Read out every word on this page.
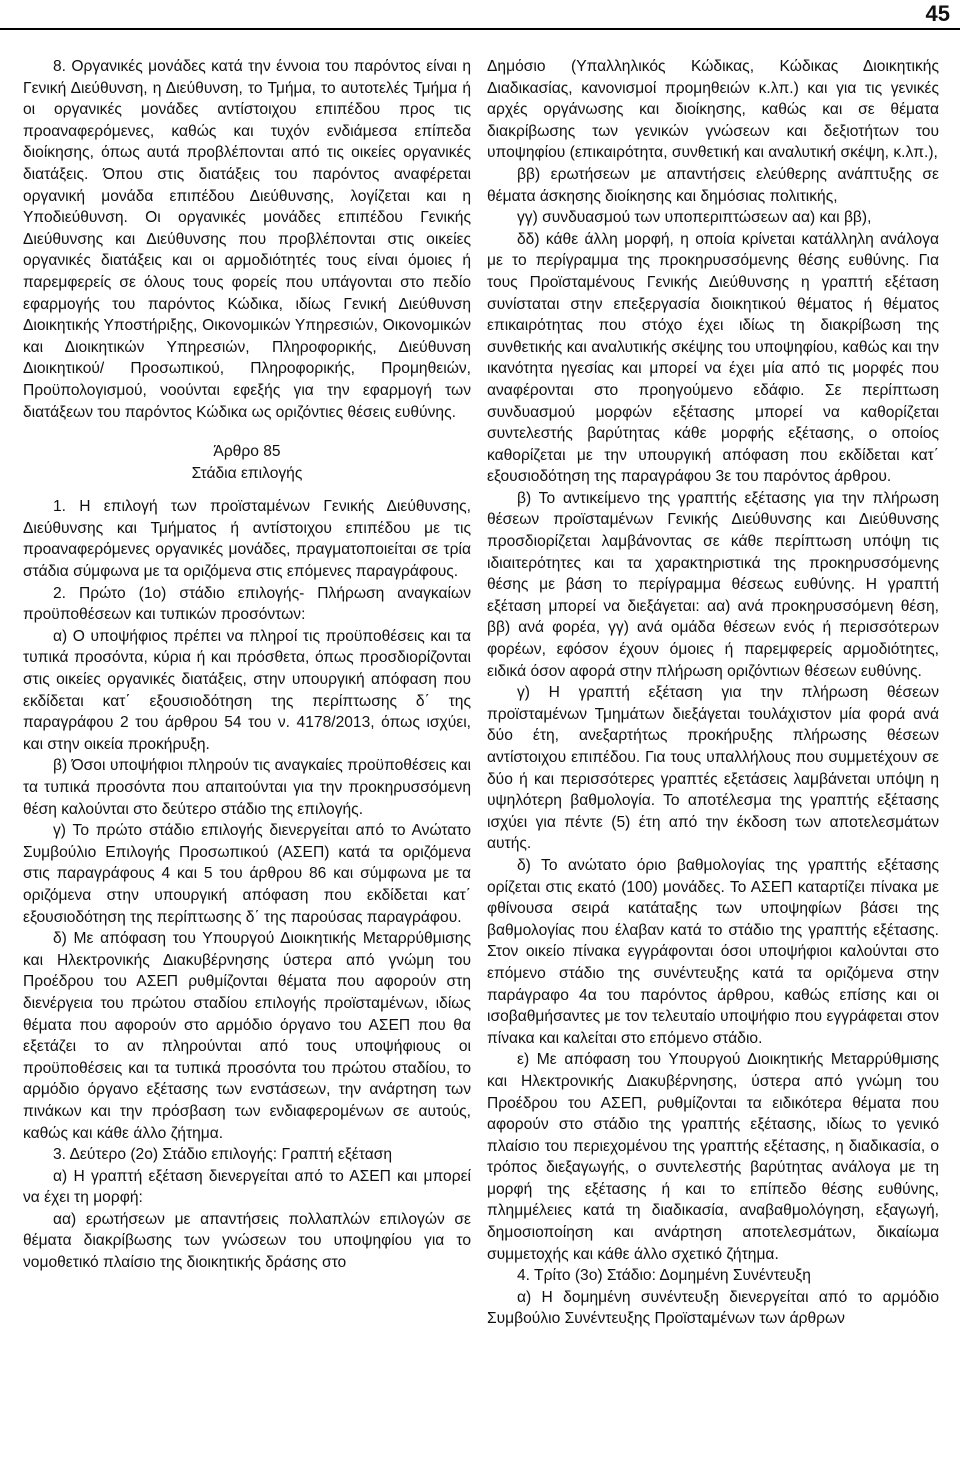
45

8. Οργανικές μονάδες κατά την έννοια του παρόντος είναι η Γενική Διεύθυνση, η Διεύθυνση, το Τμήμα, το αυτοτελές Τμήμα ή οι οργανικές μονάδες αντίστοιχου επιπέδου προς τις προαναφερόμενες, καθώς και τυχόν ενδιάμεσα επίπεδα διοίκησης, όπως αυτά προβλέπονται από τις οικείες οργανικές διατάξεις. Όπου στις διατάξεις του παρόντος αναφέρεται οργανική μονάδα επιπέδου Διεύθυνσης, λογίζεται και η Υποδιεύθυνση. Οι οργανικές μονάδες επιπέδου Γενικής Διεύθυνσης και Διεύθυνσης που προβλέπονται στις οικείες οργανικές διατάξεις και οι αρμοδιότητές τους είναι όμοιες ή παρεμφερείς σε όλους τους φορείς που υπάγονται στο πεδίο εφαρμογής του παρόντος Κώδικα, ιδίως Γενική Διεύθυνση Διοικητικής Υποστήριξης, Οικονομικών Υπηρεσιών, Οικονομικών και Διοικητικών Υπηρεσιών, Πληροφορικής, Διεύθυνση Διοικητικού/ Προσωπικού, Πληροφορικής, Προμηθειών, Προϋπολογισμού, νοούνται εφεξής για την εφαρμογή των διατάξεων του παρόντος Κώδικα ως οριζόντιες θέσεις ευθύνης.

Άρθρο 85
Στάδια επιλογής

1. Η επιλογή των προϊσταμένων Γενικής Διεύθυνσης, Διεύθυνσης και Τμήματος ή αντίστοιχου επιπέδου με τις προαναφερόμενες οργανικές μονάδες, πραγματοποιείται σε τρία στάδια σύμφωνα με τα οριζόμενα στις επόμενες παραγράφους.

2. Πρώτο (1ο) στάδιο επιλογής- Πλήρωση αναγκαίων προϋποθέσεων και τυπικών προσόντων:

α) Ο υποψήφιος πρέπει να πληροί τις προϋποθέσεις και τα τυπικά προσόντα, κύρια ή και πρόσθετα, όπως προσδιορίζονται στις οικείες οργανικές διατάξεις, στην υπουργική απόφαση που εκδίδεται κατ΄ εξουσιοδότηση της περίπτωσης δ΄ της παραγράφου 2 του άρθρου 54 του ν. 4178/2013, όπως ισχύει, και στην οικεία προκήρυξη.

β) Όσοι υποψήφιοι πληρούν τις αναγκαίες προϋποθέσεις και τα τυπικά προσόντα που απαιτούνται για την προκηρυσσόμενη θέση καλούνται στο δεύτερο στάδιο της επιλογής.

γ) Το πρώτο στάδιο επιλογής διενεργείται από το Ανώτατο Συμβούλιο Επιλογής Προσωπικού (ΑΣΕΠ) κατά τα οριζόμενα στις παραγράφους 4 και 5 του άρθρου 86 και σύμφωνα με τα οριζόμενα στην υπουργική απόφαση που εκδίδεται κατ΄ εξουσιοδότηση της περίπτωσης δ΄ της παρούσας παραγράφου.

δ) Με απόφαση του Υπουργού Διοικητικής Μεταρρύθμισης και Ηλεκτρονικής Διακυβέρνησης ύστερα από γνώμη του Προέδρου του ΑΣΕΠ ρυθμίζονται θέματα που αφορούν στη διενέργεια του πρώτου σταδίου επιλογής προϊσταμένων, ιδίως θέματα που αφορούν στο αρμόδιο όργανο του ΑΣΕΠ που θα εξετάζει το αν πληρούνται από τους υποψήφιους οι προϋποθέσεις και τα τυπικά προσόντα του πρώτου σταδίου, το αρμόδιο όργανο εξέτασης των ενστάσεων, την ανάρτηση των πινάκων και την πρόσβαση των ενδιαφερομένων σε αυτούς, καθώς και κάθε άλλο ζήτημα.

3. Δεύτερο (2ο) Στάδιο επιλογής: Γραπτή εξέταση

α) Η γραπτή εξέταση διενεργείται από το ΑΣΕΠ και μπορεί να έχει τη μορφή:

αα) ερωτήσεων με απαντήσεις πολλαπλών επιλογών σε θέματα διακρίβωσης των γνώσεων του υποψηφίου για το νομοθετικό πλαίσιο της διοικητικής δράσης στο

Δημόσιο (Υπαλληλικός Κώδικας, Κώδικας Διοικητικής Διαδικασίας, κανονισμοί προμηθειών κ.λπ.) και για τις γενικές αρχές οργάνωσης και διοίκησης, καθώς και σε θέματα διακρίβωσης των γενικών γνώσεων και δεξιοτήτων του υποψηφίου (επικαιρότητα, συνθετική και αναλυτική σκέψη, κ.λπ.),

ββ) ερωτήσεων με απαντήσεις ελεύθερης ανάπτυξης σε θέματα άσκησης διοίκησης και δημόσιας πολιτικής,

γγ) συνδυασμού των υποπεριπτώσεων αα) και ββ),

δδ) κάθε άλλη μορφή, η οποία κρίνεται κατάλληλη ανάλογα με το περίγραμμα της προκηρυσσόμενης θέσης ευθύνης. Για τους Προϊσταμένους Γενικής Διεύθυνσης η γραπτή εξέταση συνίσταται στην επεξεργασία διοικητικού θέματος ή θέματος επικαιρότητας που στόχο έχει ιδίως τη διακρίβωση της συνθετικής και αναλυτικής σκέψης του υποψηφίου, καθώς και την ικανότητα ηγεσίας και μπορεί να έχει μία από τις μορφές που αναφέρονται στο προηγούμενο εδάφιο. Σε περίπτωση συνδυασμού μορφών εξέτασης μπορεί να καθορίζεται συντελεστής βαρύτητας κάθε μορφής εξέτασης, ο οποίος καθορίζεται με την υπουργική απόφαση που εκδίδεται κατ΄ εξουσιοδότηση της παραγράφου 3ε του παρόντος άρθρου.

β) Το αντικείμενο της γραπτής εξέτασης για την πλήρωση θέσεων προϊσταμένων Γενικής Διεύθυνσης και Διεύθυνσης προσδιορίζεται λαμβάνοντας σε κάθε περίπτωση υπόψη τις ιδιαιτερότητες και τα χαρακτηριστικά της προκηρυσσόμενης θέσης με βάση το περίγραμμα θέσεως ευθύνης. Η γραπτή εξέταση μπορεί να διεξάγεται: αα) ανά προκηρυσσόμενη θέση, ββ) ανά φορέα, γγ) ανά ομάδα θέσεων ενός ή περισσότερων φορέων, εφόσον έχουν όμοιες ή παρεμφερείς αρμοδιότητες, ειδικά όσον αφορά στην πλήρωση οριζόντιων θέσεων ευθύνης.

γ) Η γραπτή εξέταση για την πλήρωση θέσεων προϊσταμένων Τμημάτων διεξάγεται τουλάχιστον μία φορά ανά δύο έτη, ανεξαρτήτως προκήρυξης πλήρωσης θέσεων αντίστοιχου επιπέδου. Για τους υπαλλήλους που συμμετέχουν σε δύο ή και περισσότερες γραπτές εξετάσεις λαμβάνεται υπόψη η υψηλότερη βαθμολογία. Το αποτέλεσμα της γραπτής εξέτασης ισχύει για πέντε (5) έτη από την έκδοση των αποτελεσμάτων αυτής.

δ) Το ανώτατο όριο βαθμολογίας της γραπτής εξέτασης ορίζεται στις εκατό (100) μονάδες. Το ΑΣΕΠ καταρτίζει πίνακα με φθίνουσα σειρά κατάταξης των υποψηφίων βάσει της βαθμολογίας που έλαβαν κατά το στάδιο της γραπτής εξέτασης. Στον οικείο πίνακα εγγράφονται όσοι υποψήφιοι καλούνται στο επόμενο στάδιο της συνέντευξης κατά τα οριζόμενα στην παράγραφο 4α του παρόντος άρθρου, καθώς επίσης και οι ισοβαθμήσαντες με τον τελευταίο υποψήφιο που εγγράφεται στον πίνακα και καλείται στο επόμενο στάδιο.

ε) Με απόφαση του Υπουργού Διοικητικής Μεταρρύθμισης και Ηλεκτρονικής Διακυβέρνησης, ύστερα από γνώμη του Προέδρου του ΑΣΕΠ, ρυθμίζονται τα ειδικότερα θέματα που αφορούν στο στάδιο της γραπτής εξέτασης, ιδίως το γενικό πλαίσιο του περιεχομένου της γραπτής εξέτασης, η διαδικασία, ο τρόπος διεξαγωγής, ο συντελεστής βαρύτητας ανάλογα με τη μορφή της εξέτασης ή και το επίπεδο θέσης ευθύνης, πλημμέλειες κατά τη διαδικασία, αναβαθμολόγηση, εξαγωγή, δημοσιοποίηση και ανάρτηση αποτελεσμάτων, δικαίωμα συμμετοχής και κάθε άλλο σχετικό ζήτημα.

4. Τρίτο (3ο) Στάδιο: Δομημένη Συνέντευξη

α) Η δομημένη συνέντευξη διενεργείται από το αρμόδιο Συμβούλιο Συνέντευξης Προϊσταμένων των άρθρων
